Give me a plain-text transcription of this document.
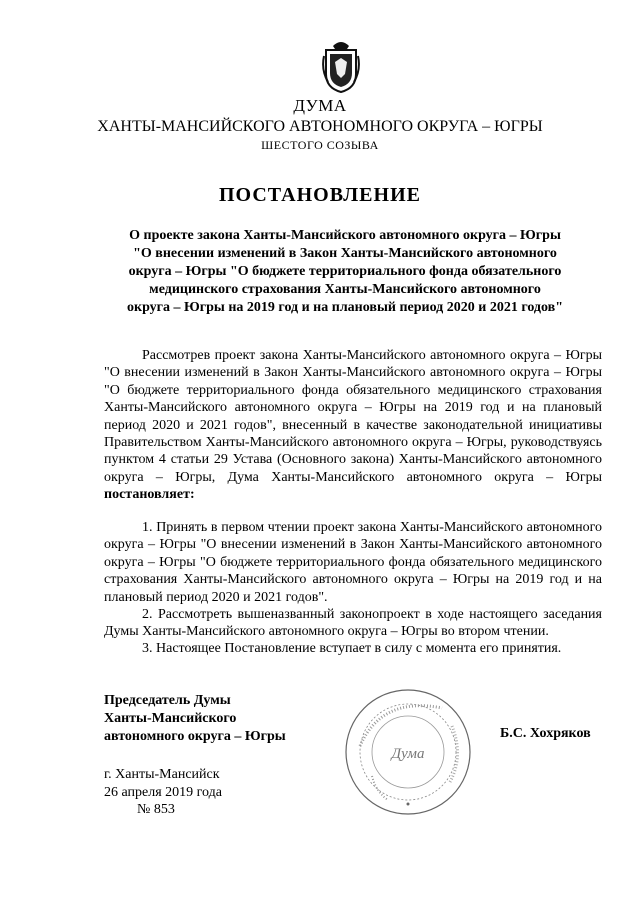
ДУМА
ХАНТЫ-МАНСИЙСКОГО АВТОНОМНОГО ОКРУГА – ЮГРЫ
ШЕСТОГО СОЗЫВА
ПОСТАНОВЛЕНИЕ
О проекте закона Ханты-Мансийского автономного округа – Югры
"О внесении изменений в Закон Ханты-Мансийского автономного
округа – Югры "О бюджете территориального фонда обязательного
медицинского страхования Ханты-Мансийского автономного
округа – Югры на 2019 год и на плановый период 2020 и 2021 годов"

Рассмотрев проект закона Ханты-Мансийского автономного округа – Югры "О внесении изменений в Закон Ханты-Мансийского автономного округа – Югры "О бюджете территориального фонда обязательного медицинского страхования Ханты-Мансийского автономного округа – Югры на 2019 год и на плановый период 2020 и 2021 годов", внесенный в качестве законодательной инициативы Правительством Ханты-Мансийского автономного округа – Югры, руководствуясь пунктом 4 статьи 29 Устава (Основного закона) Ханты-Мансийского автономного округа – Югры, Дума Ханты-Мансийского автономного округа – Югры постановляет:

1. Принять в первом чтении проект закона Ханты-Мансийского автономного округа – Югры "О внесении изменений в Закон Ханты-Мансийского автономного округа – Югры "О бюджете территориального фонда обязательного медицинского страхования Ханты-Мансийского автономного округа – Югры на 2019 год и на плановый период 2020 и 2021 годов".

2. Рассмотреть вышеназванный законопроект в ходе настоящего заседания Думы Ханты-Мансийского автономного округа – Югры во втором чтении.

3. Настоящее Постановление вступает в силу с момента его принятия.

Председатель Думы
Ханты-Мансийского
автономного округа – Югры
Дума
Б.С. Хохряков
г. Ханты-Мансийск
26 апреля 2019 года
№ 853
